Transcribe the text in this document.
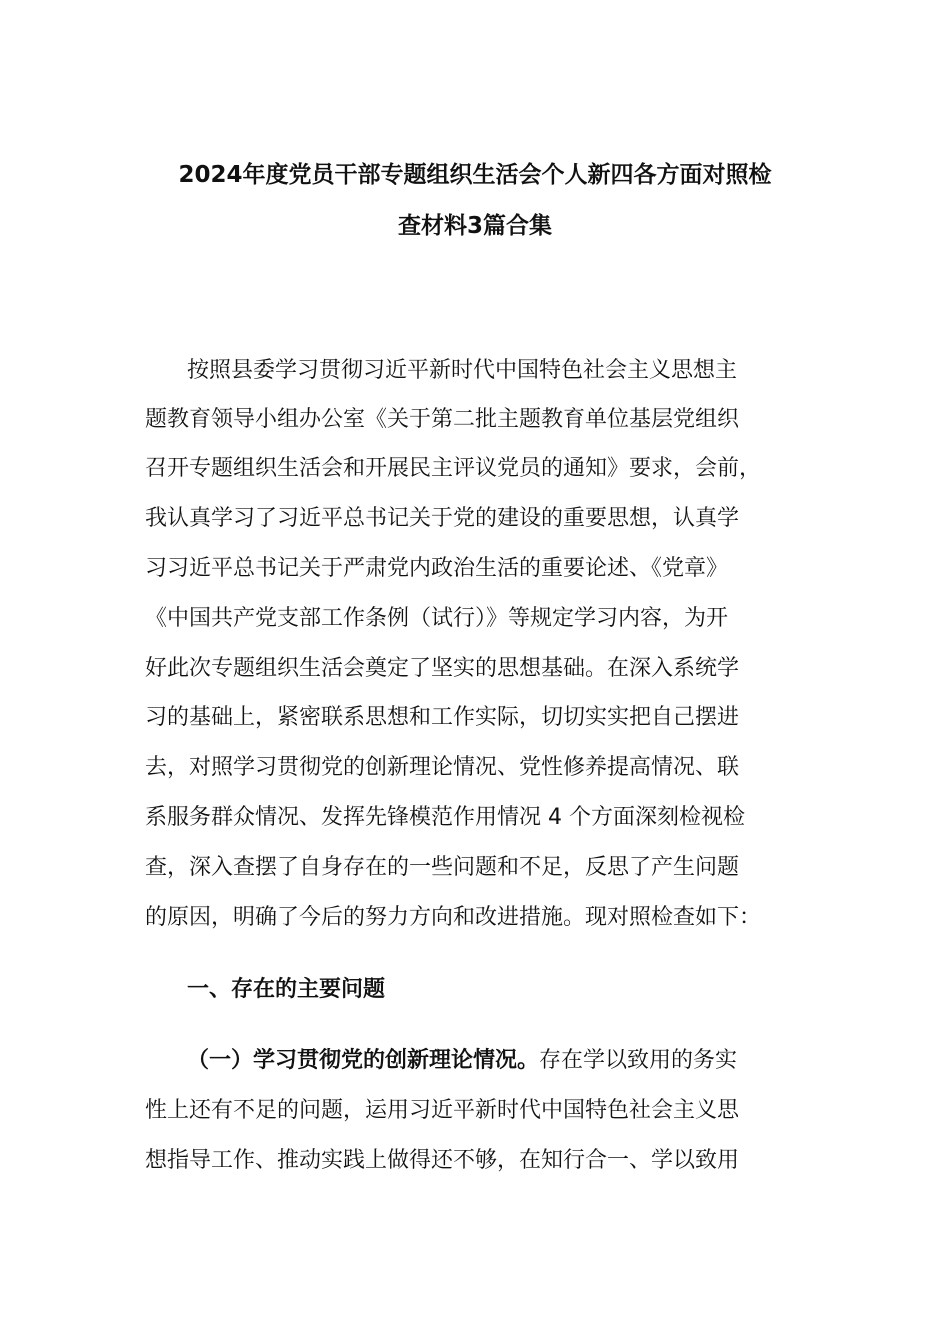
2024年度党员干部专题组织生活会个人新四各方面对照检
查材料3篇合集
按照县委学习贯彻习近平新时代中国特色社会主义思想主
题教育领导小组办公室《关于第二批主题教育单位基层党组织
召开专题组织生活会和开展民主评议党员的通知》要求，会前，
我认真学习了习近平总书记关于党的建设的重要思想，认真学
习习近平总书记关于严肃党内政治生活的重要论述、《党章》
《中国共产党支部工作条例（试行）》等规定学习内容，为开
好此次专题组织生活会奠定了坚实的思想基础。在深入系统学
习的基础上，紧密联系思想和工作实际，切切实实把自己摆进
去，对照学习贯彻党的创新理论情况、党性修养提高情况、联
系服务群众情况、发挥先锋模范作用情况 4 个方面深刻检视检
查，深入查摆了自身存在的一些问题和不足，反思了产生问题
的原因，明确了今后的努力方向和改进措施。现对照检查如下：
一、存在的主要问题
（一）学习贯彻党的创新理论情况。存在学以致用的务实
性上还有不足的问题，运用习近平新时代中国特色社会主义思
想指导工作、推动实践上做得还不够，在知行合一、学以致用
